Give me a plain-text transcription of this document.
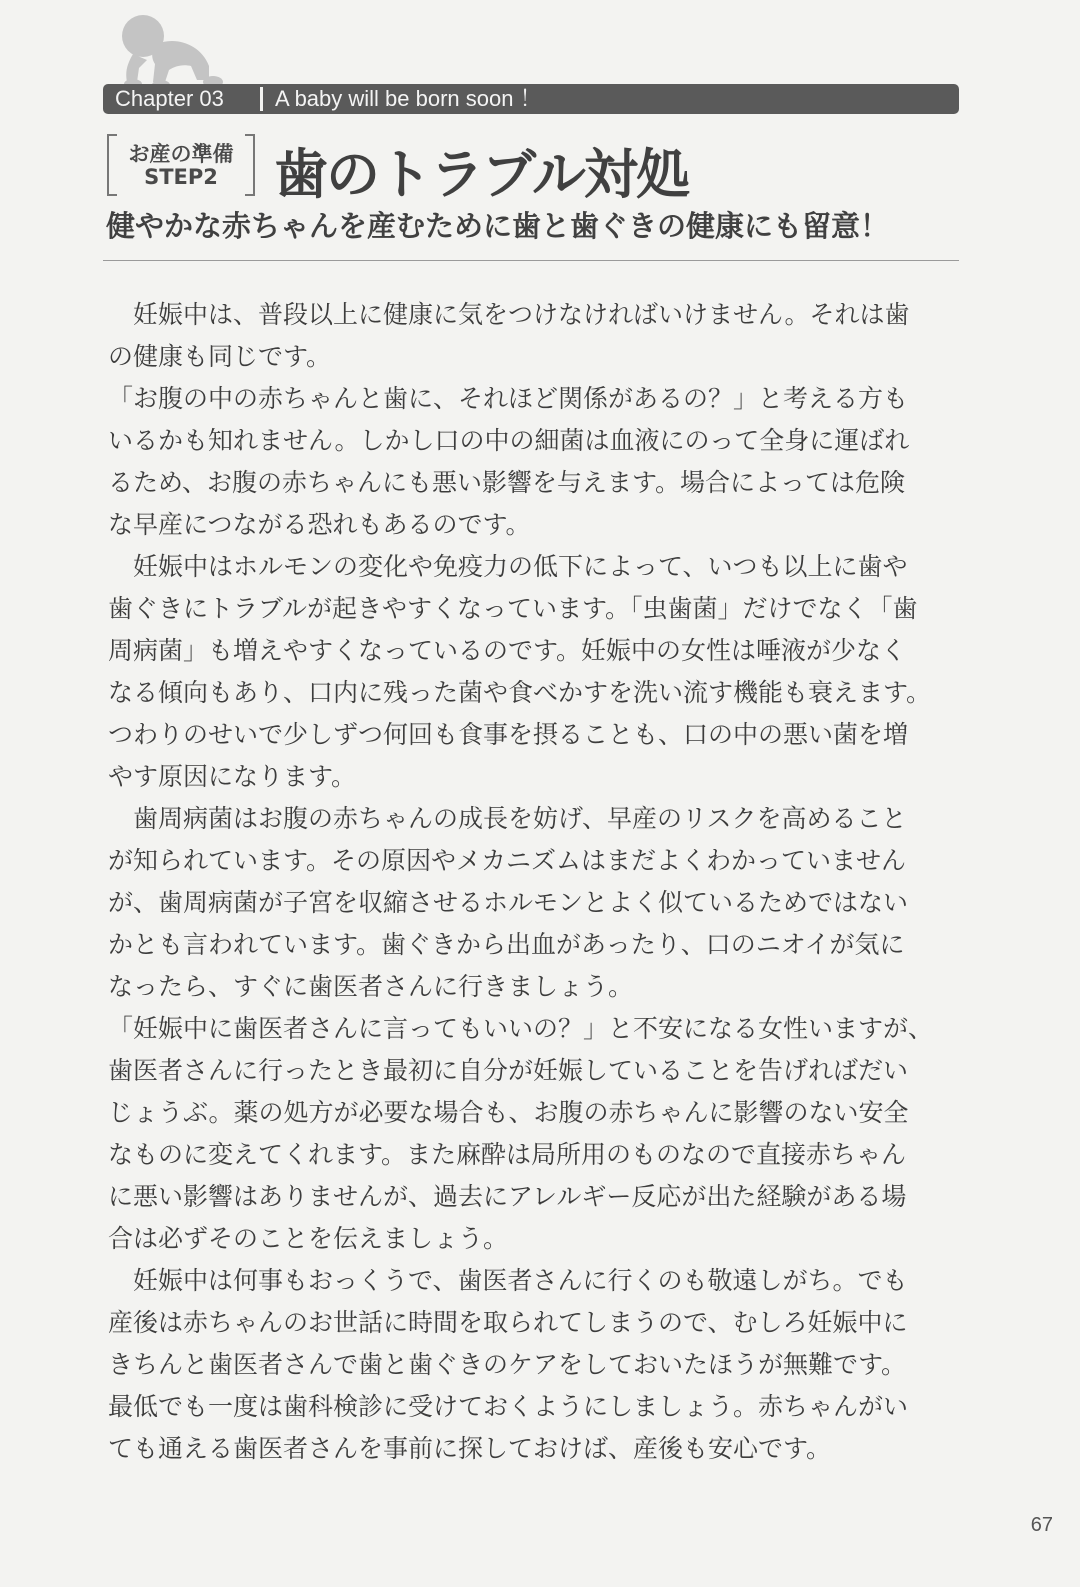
Chapter 03 A baby will be born soon ！
お産の準備
STEP2	歯のトラブル対処
健やかな赤ちゃんを産むために歯と歯ぐきの健康にも留意！
　妊娠中は、普段以上に健康に気をつけなければいけません。それは歯
の健康も同じです。
「お腹の中の赤ちゃんと歯に、それほど関係があるの？」と考える方も
いるかも知れません。しかし口の中の細菌は血液にのって全身に運ばれ
るため、お腹の赤ちゃんにも悪い影響を与えます。場合によっては危険
な早産につながる恐れもあるのです。
　妊娠中はホルモンの変化や免疫力の低下によって、いつも以上に歯や
歯ぐきにトラブルが起きやすくなっています。「虫歯菌」だけでなく「歯
周病菌」も増えやすくなっているのです。妊娠中の女性は唾液が少なく
なる傾向もあり、口内に残った菌や食べかすを洗い流す機能も衰えます。
つわりのせいで少しずつ何回も食事を摂ることも、口の中の悪い菌を増
やす原因になります。
　歯周病菌はお腹の赤ちゃんの成長を妨げ、早産のリスクを高めること
が知られています。その原因やメカニズムはまだよくわかっていません
が、歯周病菌が子宮を収縮させるホルモンとよく似ているためではない
かとも言われています。歯ぐきから出血があったり、口のニオイが気に
なったら、すぐに歯医者さんに行きましょう。
「妊娠中に歯医者さんに言ってもいいの？」と不安になる女性いますが、
歯医者さんに行ったとき最初に自分が妊娠していることを告げればだい
じょうぶ。薬の処方が必要な場合も、お腹の赤ちゃんに影響のない安全
なものに変えてくれます。また麻酔は局所用のものなので直接赤ちゃん
に悪い影響はありませんが、過去にアレルギー反応が出た経験がある場
合は必ずそのことを伝えましょう。
　妊娠中は何事もおっくうで、歯医者さんに行くのも敬遠しがち。でも
産後は赤ちゃんのお世話に時間を取られてしまうので、むしろ妊娠中に
きちんと歯医者さんで歯と歯ぐきのケアをしておいたほうが無難です。
最低でも一度は歯科検診に受けておくようにしましょう。赤ちゃんがい
ても通える歯医者さんを事前に探しておけば、産後も安心です。
67
